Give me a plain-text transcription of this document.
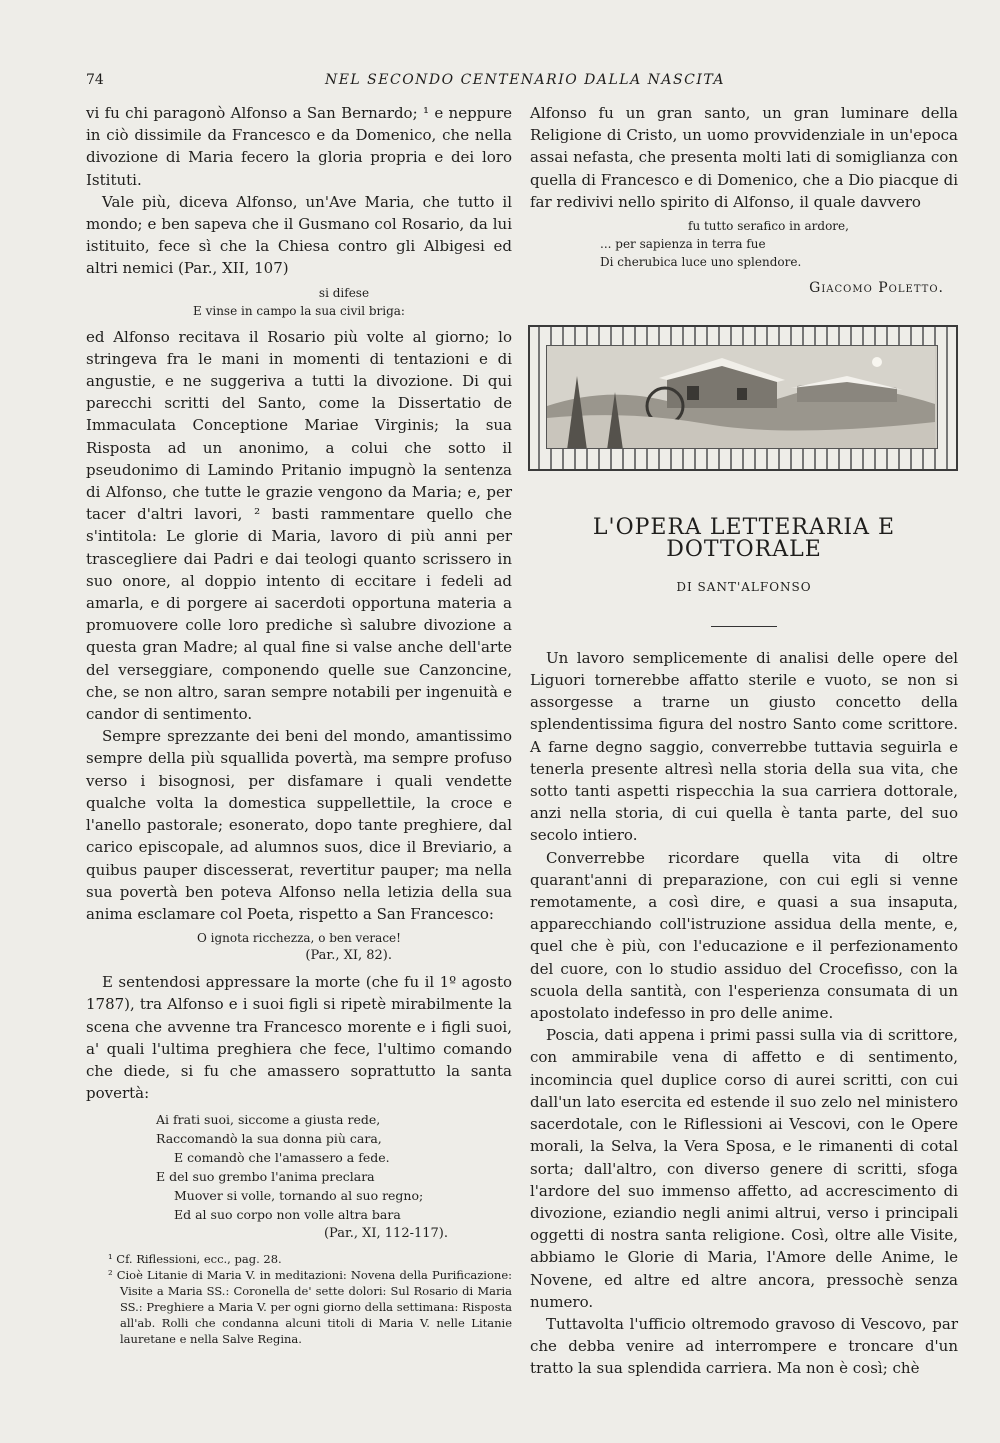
74	NEL SECONDO CENTENARIO DALLA NASCITA

vi fu chi paragonò Alfonso a San Bernardo; ¹ e neppure in ciò dissimile da Francesco e da Domenico, che nella divozione di Maria fecero la gloria propria e dei loro Istituti.

Vale più, diceva Alfonso, un'Ave Maria, che tutto il mondo; e ben sapeva che il Gusmano col Rosario, da lui istituito, fece sì che la Chiesa contro gli Albigesi ed altri nemici (Par., XII, 107)

si difese
E vinse in campo la sua civil briga:

ed Alfonso recitava il Rosario più volte al giorno; lo stringeva fra le mani in momenti di tentazioni e di angustie, e ne suggeriva a tutti la divozione. Di qui parecchi scritti del Santo, come la Dissertatio de Immaculata Conceptione Mariae Virginis; la sua Risposta ad un anonimo, a colui che sotto il pseudonimo di Lamindo Pritanio impugnò la sentenza di Alfonso, che tutte le grazie vengono da Maria; e, per tacer d'altri lavori, ² basti rammentare quello che s'intitola: Le glorie di Maria, lavoro di più anni per trascegliere dai Padri e dai teologi quanto scrissero in suo onore, al doppio intento di eccitare i fedeli ad amarla, e di porgere ai sacerdoti opportuna materia a promuovere colle loro prediche sì salubre divozione a questa gran Madre; al qual fine si valse anche dell'arte del verseggiare, componendo quelle sue Canzoncine, che, se non altro, saran sempre notabili per ingenuità e candor di sentimento.

Sempre sprezzante dei beni del mondo, amantissimo sempre della più squallida povertà, ma sempre profuso verso i bisognosi, per disfamare i quali vendette qualche volta la domestica suppellettile, la croce e l'anello pastorale; esonerato, dopo tante preghiere, dal carico episcopale, ad alumnos suos, dice il Breviario, a quibus pauper discesserat, revertitur pauper; ma nella sua povertà ben poteva Alfonso nella letizia della sua anima esclamare col Poeta, rispetto a San Francesco:

O ignota ricchezza, o ben verace!
(Par., XI, 82).

E sentendosi appressare la morte (che fu il 1º agosto 1787), tra Alfonso e i suoi figli si ripetè mirabilmente la scena che avvenne tra Francesco morente e i figli suoi, a' quali l'ultima preghiera che fece, l'ultimo comando che diede, si fu che amassero soprattutto la santa povertà:

Ai frati suoi, siccome a giusta rede,
Raccomandò la sua donna più cara,
E comandò che l'amassero a fede.
E del suo grembo l'anima preclara
Muover si volle, tornando al suo regno;
Ed al suo corpo non volle altra bara
(Par., XI, 112-117).
¹ Cf. Riflessioni, ecc., pag. 28.
² Cioè Litanie di Maria V. in meditazioni: Novena della Purificazione: Visite a Maria SS.: Coronella de' sette dolori: Sul Rosario di Maria SS.: Preghiere a Maria V. per ogni giorno della settimana: Risposta all'ab. Rolli che condanna alcuni titoli di Maria V. nelle Litanie lauretane e nella Salve Regina.

Alfonso fu un gran santo, un gran luminare della Religione di Cristo, un uomo provvidenziale in un'epoca assai nefasta, che presenta molti lati di somiglianza con quella di Francesco e di Domenico, che a Dio piacque di far redivivi nello spirito di Alfonso, il quale davvero

fu tutto serafico in ardore,
... per sapienza in terra fue
Di cherubica luce uno splendore.
Giacomo Poletto.
L'OPERA LETTERARIA E DOTTORALE
DI SANT'ALFONSO

Un lavoro semplicemente di analisi delle opere del Liguori tornerebbe affatto sterile e vuoto, se non si assorgesse a trarne un giusto concetto della splendentissima figura del nostro Santo come scrittore. A farne degno saggio, converrebbe tuttavia seguirla e tenerla presente altresì nella storia della sua vita, che sotto tanti aspetti rispecchia la sua carriera dottorale, anzi nella storia, di cui quella è tanta parte, del suo secolo intiero.

Converrebbe ricordare quella vita di oltre quarant'anni di preparazione, con cui egli si venne remotamente, a così dire, e quasi a sua insaputa, apparecchiando coll'istruzione assidua della mente, e, quel che è più, con l'educazione e il perfezionamento del cuore, con lo studio assiduo del Crocefisso, con la scuola della santità, con l'esperienza consumata di un apostolato indefesso in pro delle anime.

Poscia, dati appena i primi passi sulla via di scrittore, con ammirabile vena di affetto e di sentimento, incomincia quel duplice corso di aurei scritti, con cui dall'un lato esercita ed estende il suo zelo nel ministero sacerdotale, con le Riflessioni ai Vescovi, con le Opere morali, la Selva, la Vera Sposa, e le rimanenti di cotal sorta; dall'altro, con diverso genere di scritti, sfoga l'ardore del suo immenso affetto, ad accrescimento di divozione, eziandio negli animi altrui, verso i principali oggetti di nostra santa religione. Così, oltre alle Visite, abbiamo le Glorie di Maria, l'Amore delle Anime, le Novene, ed altre ed altre ancora, pressochè senza numero.

Tuttavolta l'ufficio oltremodo gravoso di Vescovo, par che debba venire ad interrompere e troncare d'un tratto la sua splendida carriera. Ma non è così; chè
